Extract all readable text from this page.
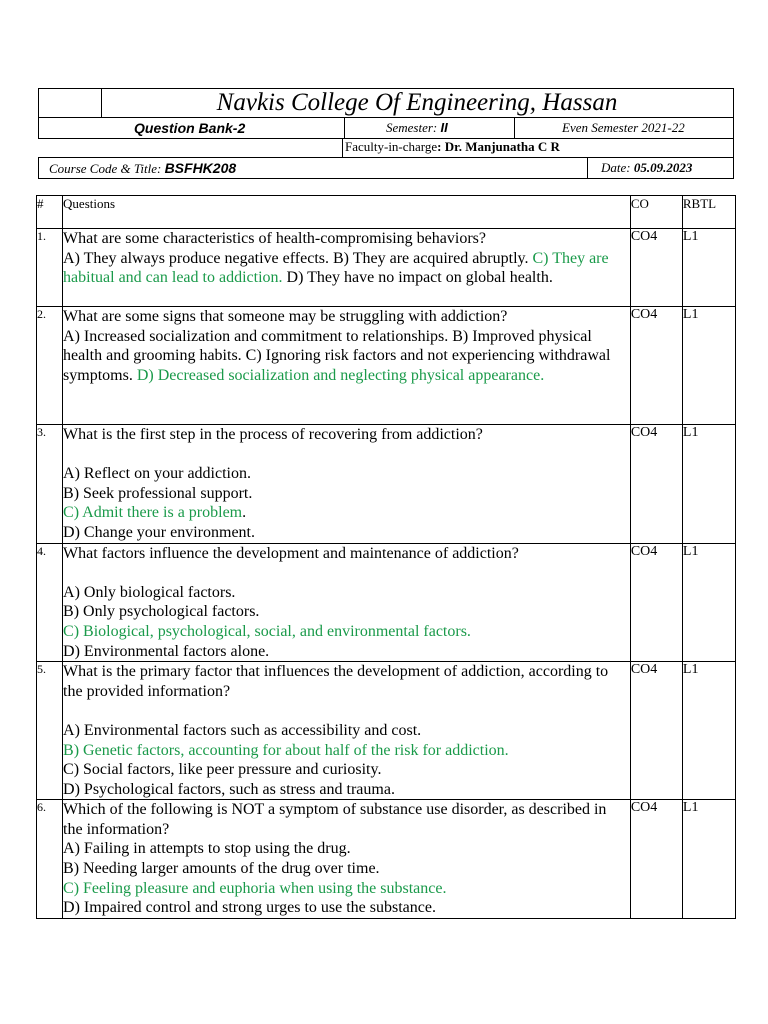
Navkis College Of Engineering, Hassan
Question Bank-2	Semester: II	Even Semester 2021-22
Faculty-in-charge: Dr. Manjunatha C R
Course Code & Title: BSFHK208	Date: 05.09.2023
#	Questions	CO	RBTL
1.	What are some characteristics of health-compromising behaviors?
A) They always produce negative effects. B) They are acquired abruptly. C) They are habitual and can lead to addiction. D) They have no impact on global health.	CO4	L1
2.	What are some signs that someone may be struggling with addiction?
A) Increased socialization and commitment to relationships. B) Improved physical health and grooming habits. C) Ignoring risk factors and not experiencing withdrawal symptoms. D) Decreased socialization and neglecting physical appearance.	CO4	L1
3.	What is the first step in the process of recovering from addiction?
A) Reflect on your addiction.
B) Seek professional support.
C) Admit there is a problem.
D) Change your environment.	CO4	L1
4.	What factors influence the development and maintenance of addiction?
A) Only biological factors.
B) Only psychological factors.
C) Biological, psychological, social, and environmental factors.
D) Environmental factors alone.	CO4	L1
5.	What is the primary factor that influences the development of addiction, according to the provided information?
A) Environmental factors such as accessibility and cost.
B) Genetic factors, accounting for about half of the risk for addiction.
C) Social factors, like peer pressure and curiosity.
D) Psychological factors, such as stress and trauma.	CO4	L1
6.	Which of the following is NOT a symptom of substance use disorder, as described in the information?
A) Failing in attempts to stop using the drug.
B) Needing larger amounts of the drug over time.
C) Feeling pleasure and euphoria when using the substance.
D) Impaired control and strong urges to use the substance.	CO4	L1
